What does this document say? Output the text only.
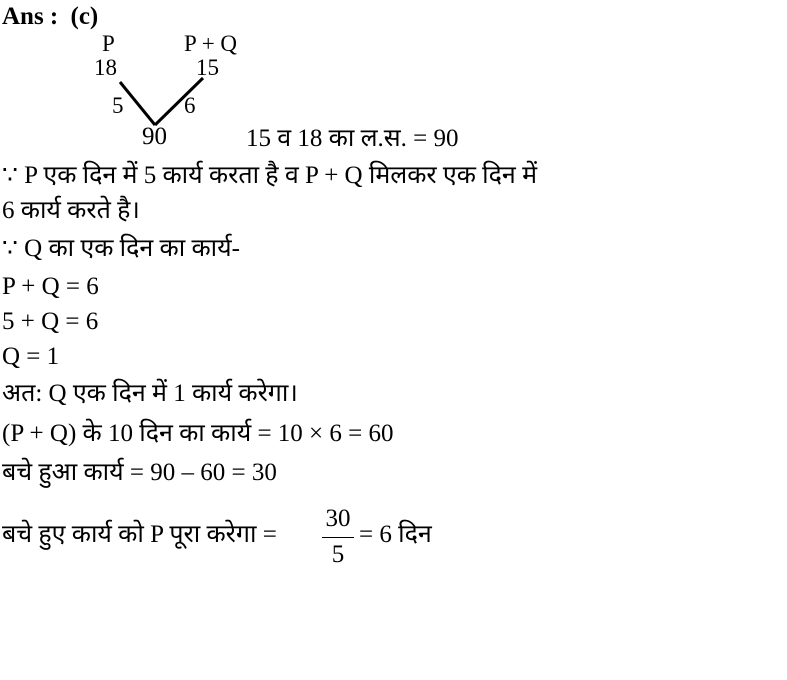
Ans : (c)
P	P + Q
18	15
5	6
90	15 व 18 का ल.स. = 90
∵ P एक दिन में 5 कार्य करता है व P + Q मिलकर एक दिन में
6 कार्य करते है।
∵ Q का एक दिन का कार्य-
P + Q = 6
5 + Q = 6
Q = 1
अत: Q एक दिन में 1 कार्य करेगा।
(P + Q) के 10 दिन का कार्य = 10 × 6 = 60
बचे हुआ कार्य = 90 – 60 = 30
बचे हुए कार्य को P पूरा करेगा =
30
5
= 6 दिन
